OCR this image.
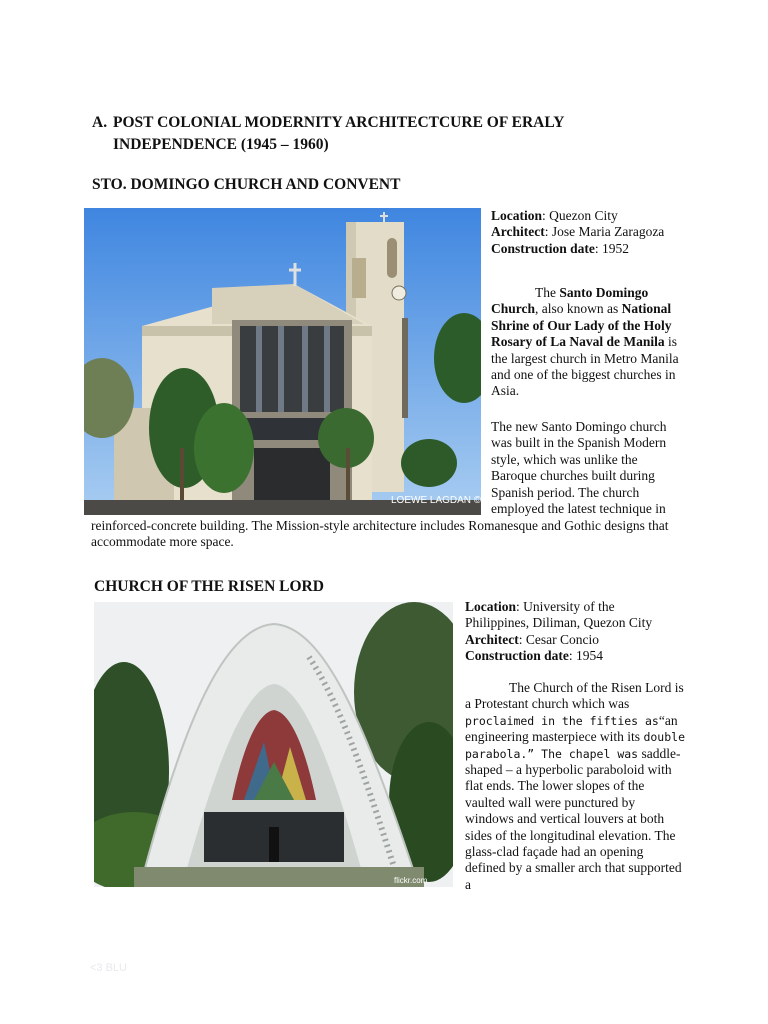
A. POST COLONIAL MODERNITY ARCHITECTCURE OF ERALY
INDEPENDENCE (1945 – 1960)
STO. DOMINGO CHURCH AND CONVENT
LOEWE LAGDAN ©
Location: Quezon City
Architect: Jose Maria Zaragoza
Construction date: 1952
The Santo Domingo Church, also known as National Shrine of Our Lady of the Holy Rosary of La Naval de Manila is the largest church in Metro Manila and one of the biggest churches in Asia.
The new Santo Domingo church was built in the Spanish Modern style, which was unlike the Baroque churches built during Spanish period. The church employed the latest technique in
reinforced-concrete building. The Mission-style architecture includes Romanesque and Gothic designs that accommodate more space.
CHURCH OF THE RISEN LORD
flickr.com
Location: University of the Philippines, Diliman, Quezon City
Architect: Cesar Concio
Construction date: 1954
The Church of the Risen Lord is a Protestant church which was proclaimed in the fifties as“an engineering masterpiece with its double parabola.” The chapel was saddle-shaped – a hyperbolic paraboloid with flat ends. The lower slopes of the vaulted wall were punctured by windows and vertical louvers at both sides of the longitudinal elevation. The glass-clad façade had an opening defined by a smaller arch that supported a
<3 BLU
